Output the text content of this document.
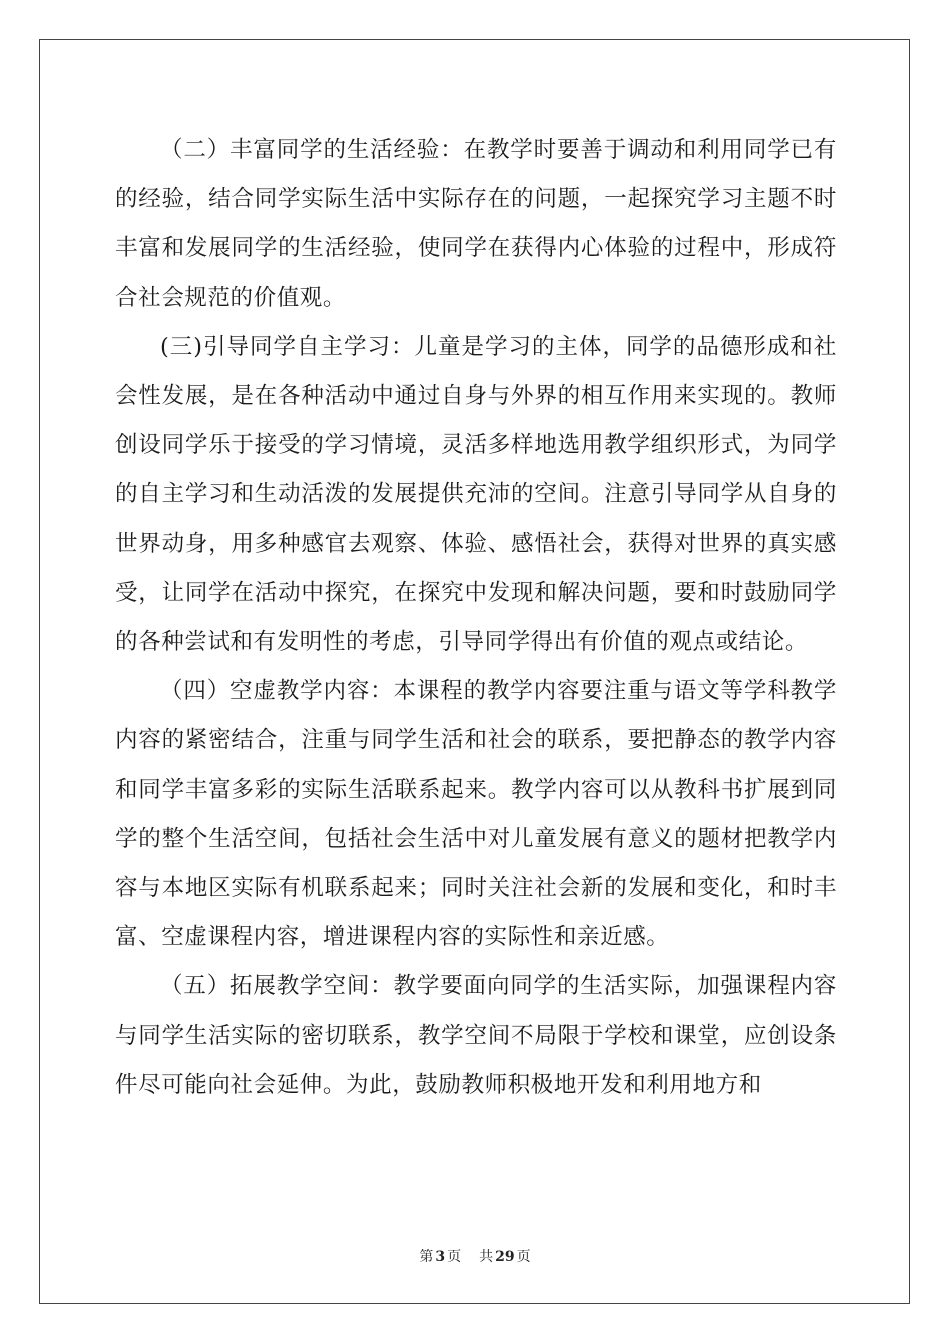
（二）丰富同学的生活经验：在教学时要善于调动和利用同学已有的经验，结合同学实际生活中实际存在的问题，一起探究学习主题不时丰富和发展同学的生活经验，使同学在获得内心体验的过程中，形成符合社会规范的价值观。

(三)引导同学自主学习：儿童是学习的主体，同学的品德形成和社会性发展，是在各种活动中通过自身与外界的相互作用来实现的。教师创设同学乐于接受的学习情境，灵活多样地选用教学组织形式，为同学的自主学习和生动活泼的发展提供充沛的空间。注意引导同学从自身的世界动身，用多种感官去观察、体验、感悟社会，获得对世界的真实感受，让同学在活动中探究，在探究中发现和解决问题，要和时鼓励同学的各种尝试和有发明性的考虑，引导同学得出有价值的观点或结论。

（四）空虚教学内容：本课程的教学内容要注重与语文等学科教学内容的紧密结合，注重与同学生活和社会的联系，要把静态的教学内容和同学丰富多彩的实际生活联系起来。教学内容可以从教科书扩展到同学的整个生活空间，包括社会生活中对儿童发展有意义的题材把教学内容与本地区实际有机联系起来；同时关注社会新的发展和变化，和时丰富、空虚课程内容，增进课程内容的实际性和亲近感。

（五）拓展教学空间：教学要面向同学的生活实际，加强课程内容与同学生活实际的密切联系，教学空间不局限于学校和课堂，应创设条件尽可能向社会延伸。为此，鼓励教师积极地开发和利用地方和

第 3 页 共 29 页
